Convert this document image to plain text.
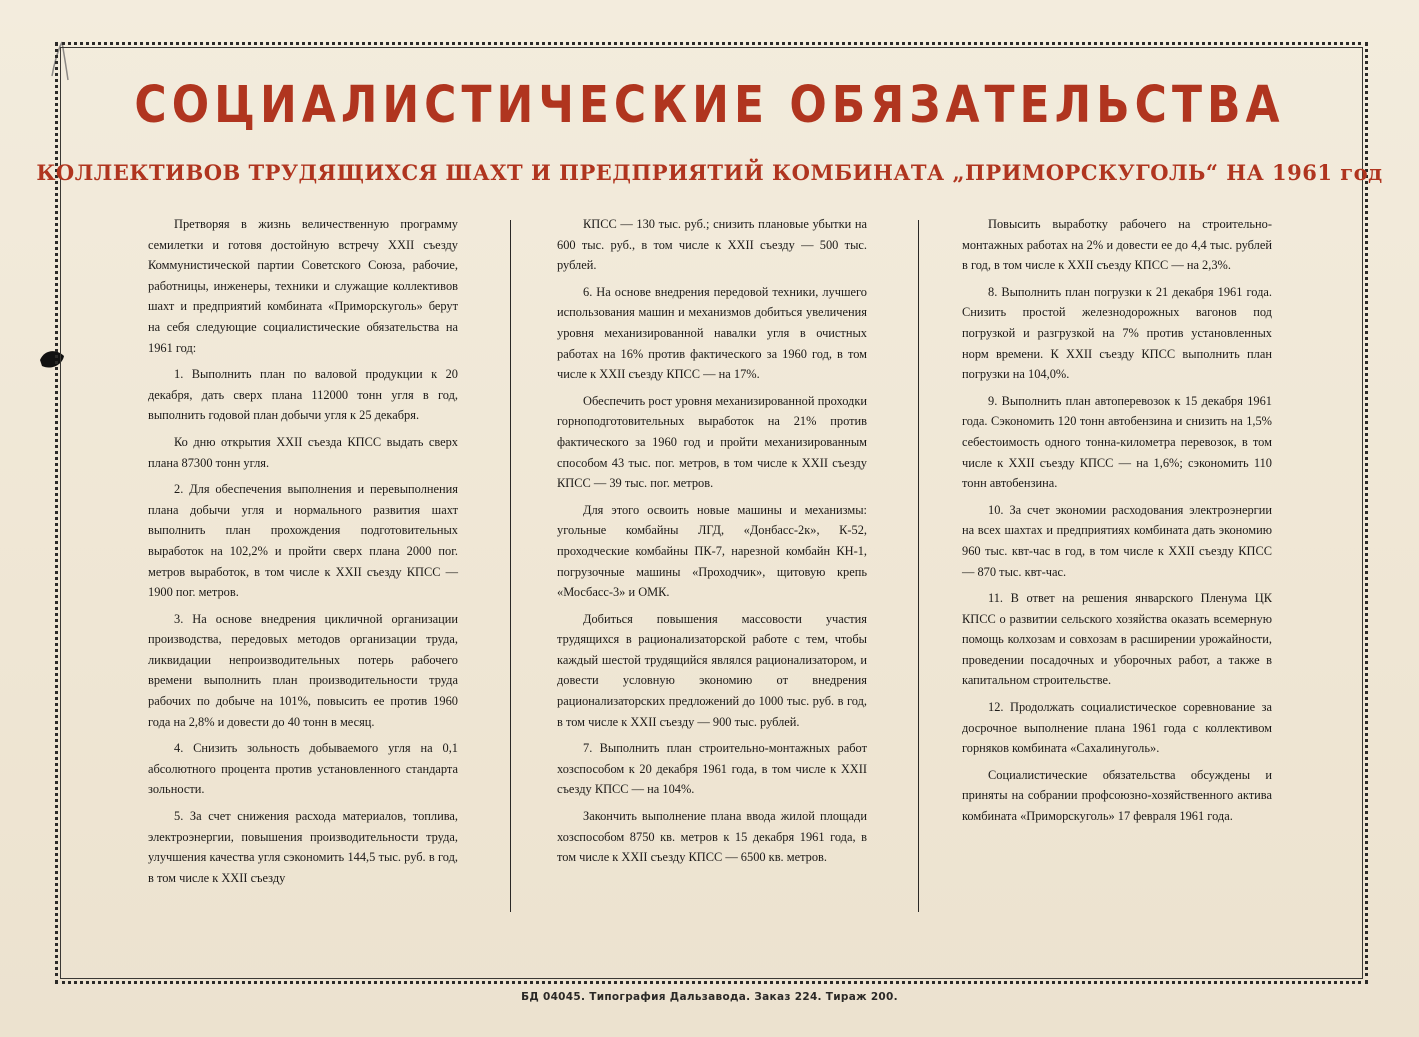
СОЦИАЛИСТИЧЕСКИЕ ОБЯЗАТЕЛЬСТВА
КОЛЛЕКТИВОВ ТРУДЯЩИХСЯ ШАХТ И ПРЕДПРИЯТИЙ КОМБИНАТА „ПРИМОРСКУГОЛЬ“ НА 1961 год

Претворяя в жизнь величественную программу семилетки и готовя достойную встречу XXII съезду Коммунистической партии Советского Союза, рабочие, работницы, инженеры, техники и служащие коллективов шахт и предприятий комбината «Приморскуголь» берут на себя следующие социалистические обязательства на 1961 год:

1. Выполнить план по валовой продукции к 20 декабря, дать сверх плана 112000 тонн угля в год, выполнить годовой план добычи угля к 25 декабря.

Ко дню открытия XXII съезда КПСС выдать сверх плана 87300 тонн угля.

2. Для обеспечения выполнения и перевыполнения плана добычи угля и нормального развития шахт выполнить план прохождения подготовительных выработок на 102,2% и пройти сверх плана 2000 пог. метров выработок, в том числе к XXII съезду КПСС — 1900 пог. метров.

3. На основе внедрения цикличной организации производства, передовых методов организации труда, ликвидации непроизводительных потерь рабочего времени выполнить план производительности труда рабочих по добыче на 101%, повысить ее против 1960 года на 2,8% и довести до 40 тонн в месяц.

4. Снизить зольность добываемого угля на 0,1 абсолютного процента против установленного стандарта зольности.

5. За счет снижения расхода материалов, топлива, электроэнергии, повышения производительности труда, улучшения качества угля сэкономить 144,5 тыс. руб. в год, в том числе к XXII съезду

КПСС — 130 тыс. руб.; снизить плановые убытки на 600 тыс. руб., в том числе к XXII съезду — 500 тыс. рублей.

6. На основе внедрения передовой техники, лучшего использования машин и механизмов добиться увеличения уровня механизированной навалки угля в очистных работах на 16% против фактического за 1960 год, в том числе к XXII съезду КПСС — на 17%.

Обеспечить рост уровня механизированной проходки горноподготовительных выработок на 21% против фактического за 1960 год и пройти механизированным способом 43 тыс. пог. метров, в том числе к XXII съезду КПСС — 39 тыс. пог. метров.

Для этого освоить новые машины и механизмы: угольные комбайны ЛГД, «Донбасс-2к», К-52, проходческие комбайны ПК-7, нарезной комбайн КН-1, погрузочные машины «Проходчик», щитовую крепь «Мосбасс-3» и ОМК.

Добиться повышения массовости участия трудящихся в рационализаторской работе с тем, чтобы каждый шестой трудящийся являлся рационализатором, и довести условную экономию от внедрения рационализаторских предложений до 1000 тыс. руб. в год, в том числе к XXII съезду — 900 тыс. рублей.

7. Выполнить план строительно-монтажных работ хозспособом к 20 декабря 1961 года, в том числе к XXII съезду КПСС — на 104%.

Закончить выполнение плана ввода жилой площади хозспособом 8750 кв. метров к 15 декабря 1961 года, в том числе к XXII съезду КПСС — 6500 кв. метров.

Повысить выработку рабочего на строительно-монтажных работах на 2% и довести ее до 4,4 тыс. рублей в год, в том числе к XXII съезду КПСС — на 2,3%.

8. Выполнить план погрузки к 21 декабря 1961 года. Снизить простой железнодорожных вагонов под погрузкой и разгрузкой на 7% против установленных норм времени. К XXII съезду КПСС выполнить план погрузки на 104,0%.

9. Выполнить план автоперевозок к 15 декабря 1961 года. Сэкономить 120 тонн автобензина и снизить на 1,5% себестоимость одного тонна-километра перевозок, в том числе к XXII съезду КПСС — на 1,6%; сэкономить 110 тонн автобензина.

10. За счет экономии расходования электроэнергии на всех шахтах и предприятиях комбината дать экономию 960 тыс. квт-час в год, в том числе к XXII съезду КПСС — 870 тыс. квт-час.

11. В ответ на решения январского Пленума ЦК КПСС о развитии сельского хозяйства оказать всемерную помощь колхозам и совхозам в расширении урожайности, проведении посадочных и уборочных работ, а также в капитальном строительстве.

12. Продолжать социалистическое соревнование за досрочное выполнение плана 1961 года с коллективом горняков комбината «Сахалинуголь».

Социалистические обязательства обсуждены и приняты на собрании профсоюзно-хозяйственного актива комбината «Приморскуголь» 17 февраля 1961 года.

БД 04045. Типография Дальзавода. Заказ 224. Тираж 200.
